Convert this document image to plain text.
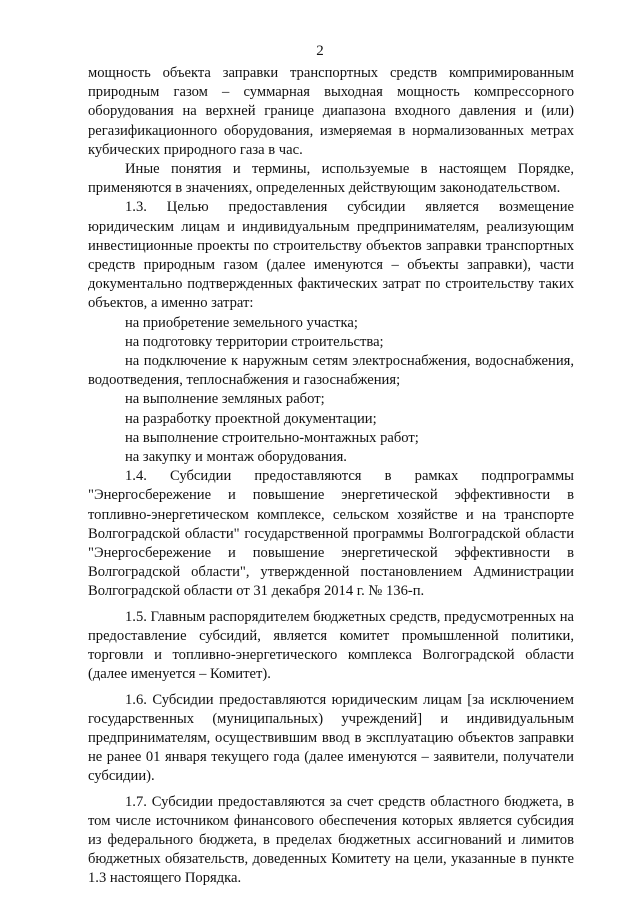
2

мощность объекта заправки транспортных средств компримированным природным газом – суммарная выходная мощность компрессорного оборудования на верхней границе диапазона входного давления и (или) регазификационного оборудования, измеряемая в нормализованных метрах кубических природного газа в час.

Иные понятия и термины, используемые в настоящем Порядке, применяются в значениях, определенных действующим законодательством.

1.3. Целью предоставления субсидии является возмещение юридическим лицам и индивидуальным предпринимателям, реализующим инвестиционные проекты по строительству объектов заправки транспортных средств природным газом (далее именуются – объекты заправки), части документально подтвержденных фактических затрат по строительству таких объектов, а именно затрат:

на приобретение земельного участка;
на подготовку территории строительства;
на подключение к наружным сетям электроснабжения, водоснабжения, водоотведения, теплоснабжения и газоснабжения;
на выполнение земляных работ;
на разработку проектной документации;
на выполнение строительно-монтажных работ;
на закупку и монтаж оборудования.

1.4. Субсидии предоставляются в рамках подпрограммы "Энергосбережение и повышение энергетической эффективности в топливно-энергетическом комплексе, сельском хозяйстве и на транспорте Волгоградской области" государственной программы Волгоградской области "Энергосбережение и повышение энергетической эффективности в Волгоградской области", утвержденной постановлением Администрации Волгоградской области от 31 декабря 2014 г. № 136-п.

1.5. Главным распорядителем бюджетных средств, предусмотренных на предоставление субсидий, является комитет промышленной политики, торговли и топливно-энергетического комплекса Волгоградской области (далее именуется – Комитет).

1.6. Субсидии предоставляются юридическим лицам [за исключением государственных (муниципальных) учреждений] и индивидуальным предпринимателям, осуществившим ввод в эксплуатацию объектов заправки не ранее 01 января текущего года (далее именуются – заявители, получатели субсидии).

1.7. Субсидии предоставляются за счет средств областного бюджета, в том числе источником финансового обеспечения которых является субсидия из федерального бюджета, в пределах бюджетных ассигнований и лимитов бюджетных обязательств, доведенных Комитету на цели, указанные в пункте 1.3 настоящего Порядка.
